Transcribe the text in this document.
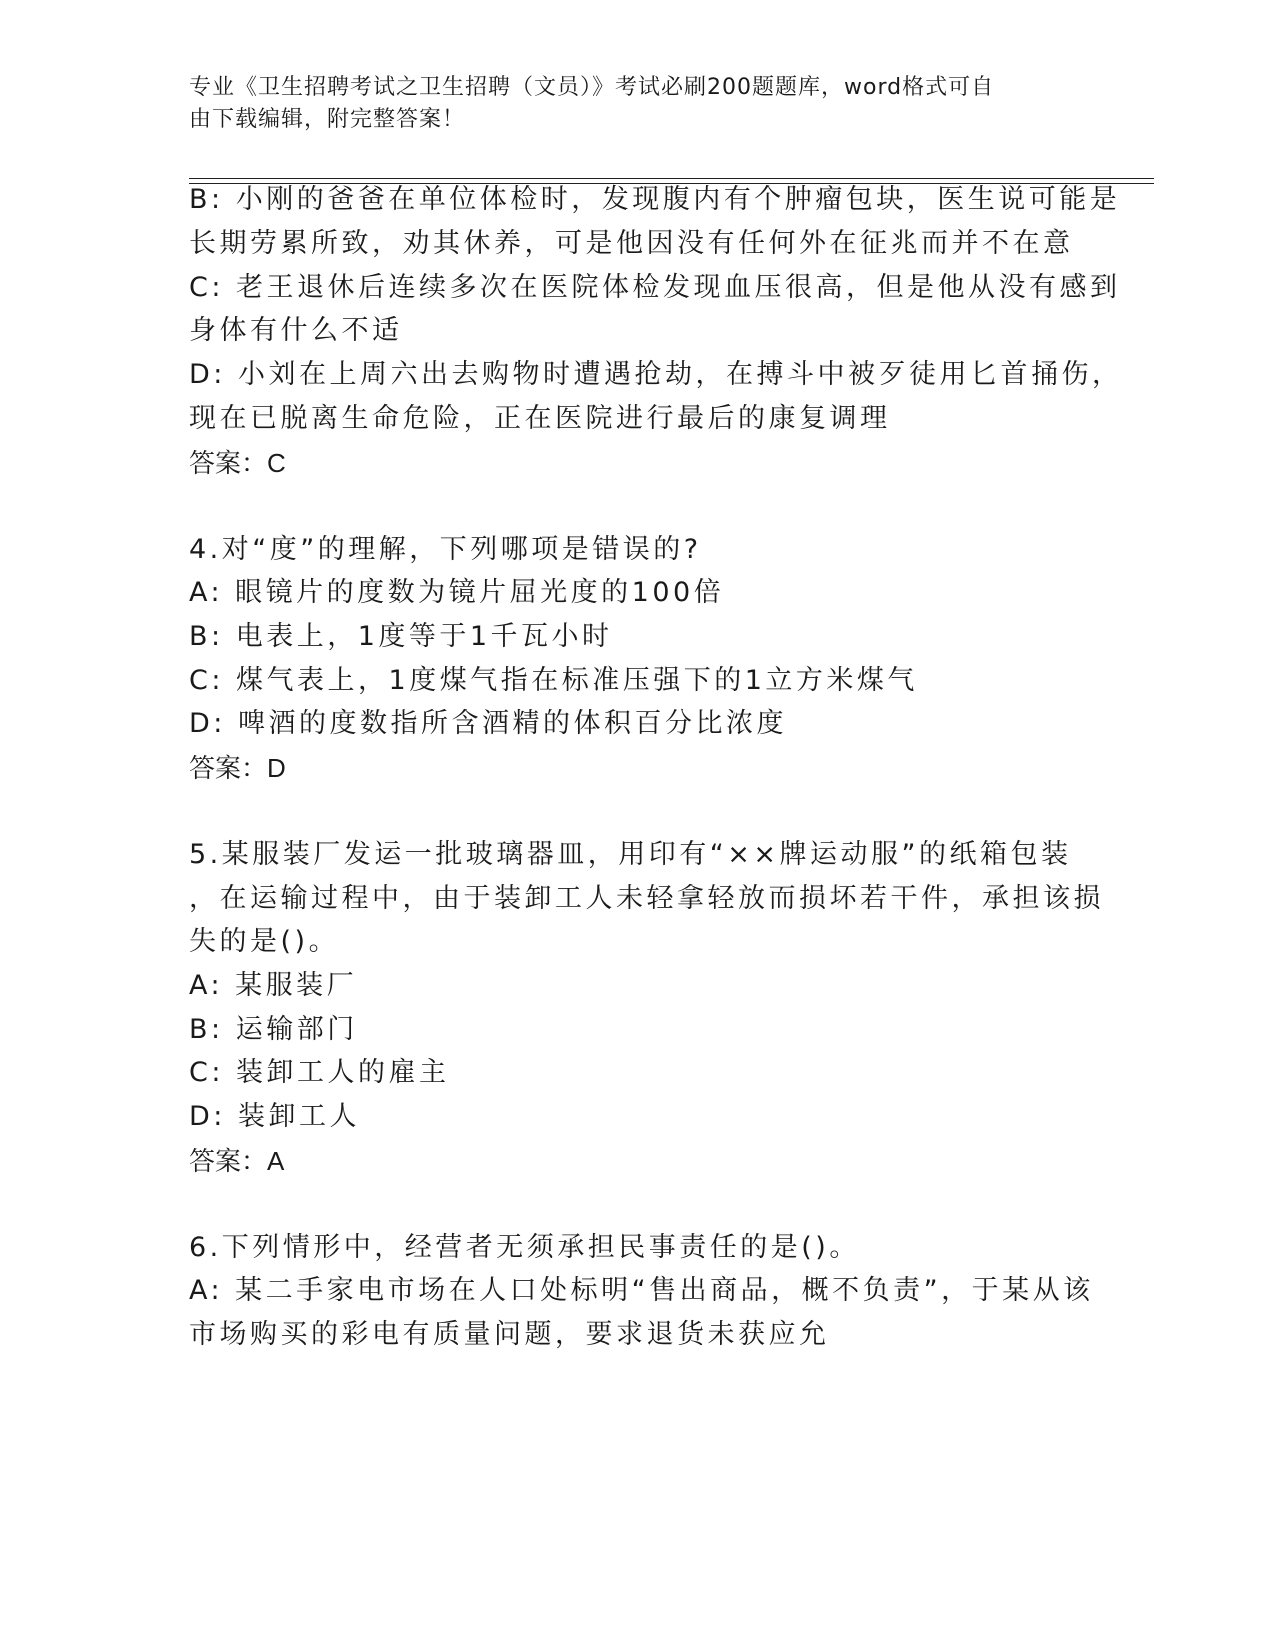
专业《卫生招聘考试之卫生招聘（文员）》考试必刷200题题库，word格式可自
由下载编辑，附完整答案！
B: 小刚的爸爸在单位体检时，发现腹内有个肿瘤包块，医生说可能是
长期劳累所致，劝其休养，可是他因没有任何外在征兆而并不在意
C: 老王退休后连续多次在医院体检发现血压很高，但是他从没有感到
身体有什么不适
D: 小刘在上周六出去购物时遭遇抢劫，在搏斗中被歹徒用匕首捅伤，
现在已脱离生命危险，正在医院进行最后的康复调理
答案：C
4.对“度”的理解，下列哪项是错误的?
A: 眼镜片的度数为镜片屈光度的100倍
B: 电表上，1度等于1千瓦小时
C: 煤气表上，1度煤气指在标准压强下的1立方米煤气
D: 啤酒的度数指所含酒精的体积百分比浓度
答案：D
5.某服装厂发运一批玻璃器皿，用印有“××牌运动服”的纸箱包装
，在运输过程中，由于装卸工人未轻拿轻放而损坏若干件，承担该损
失的是()。
A: 某服装厂
B: 运输部门
C: 装卸工人的雇主
D: 装卸工人
答案：A
6.下列情形中，经营者无须承担民事责任的是()。
A: 某二手家电市场在人口处标明“售出商品，概不负责”，于某从该
市场购买的彩电有质量问题，要求退货未获应允
